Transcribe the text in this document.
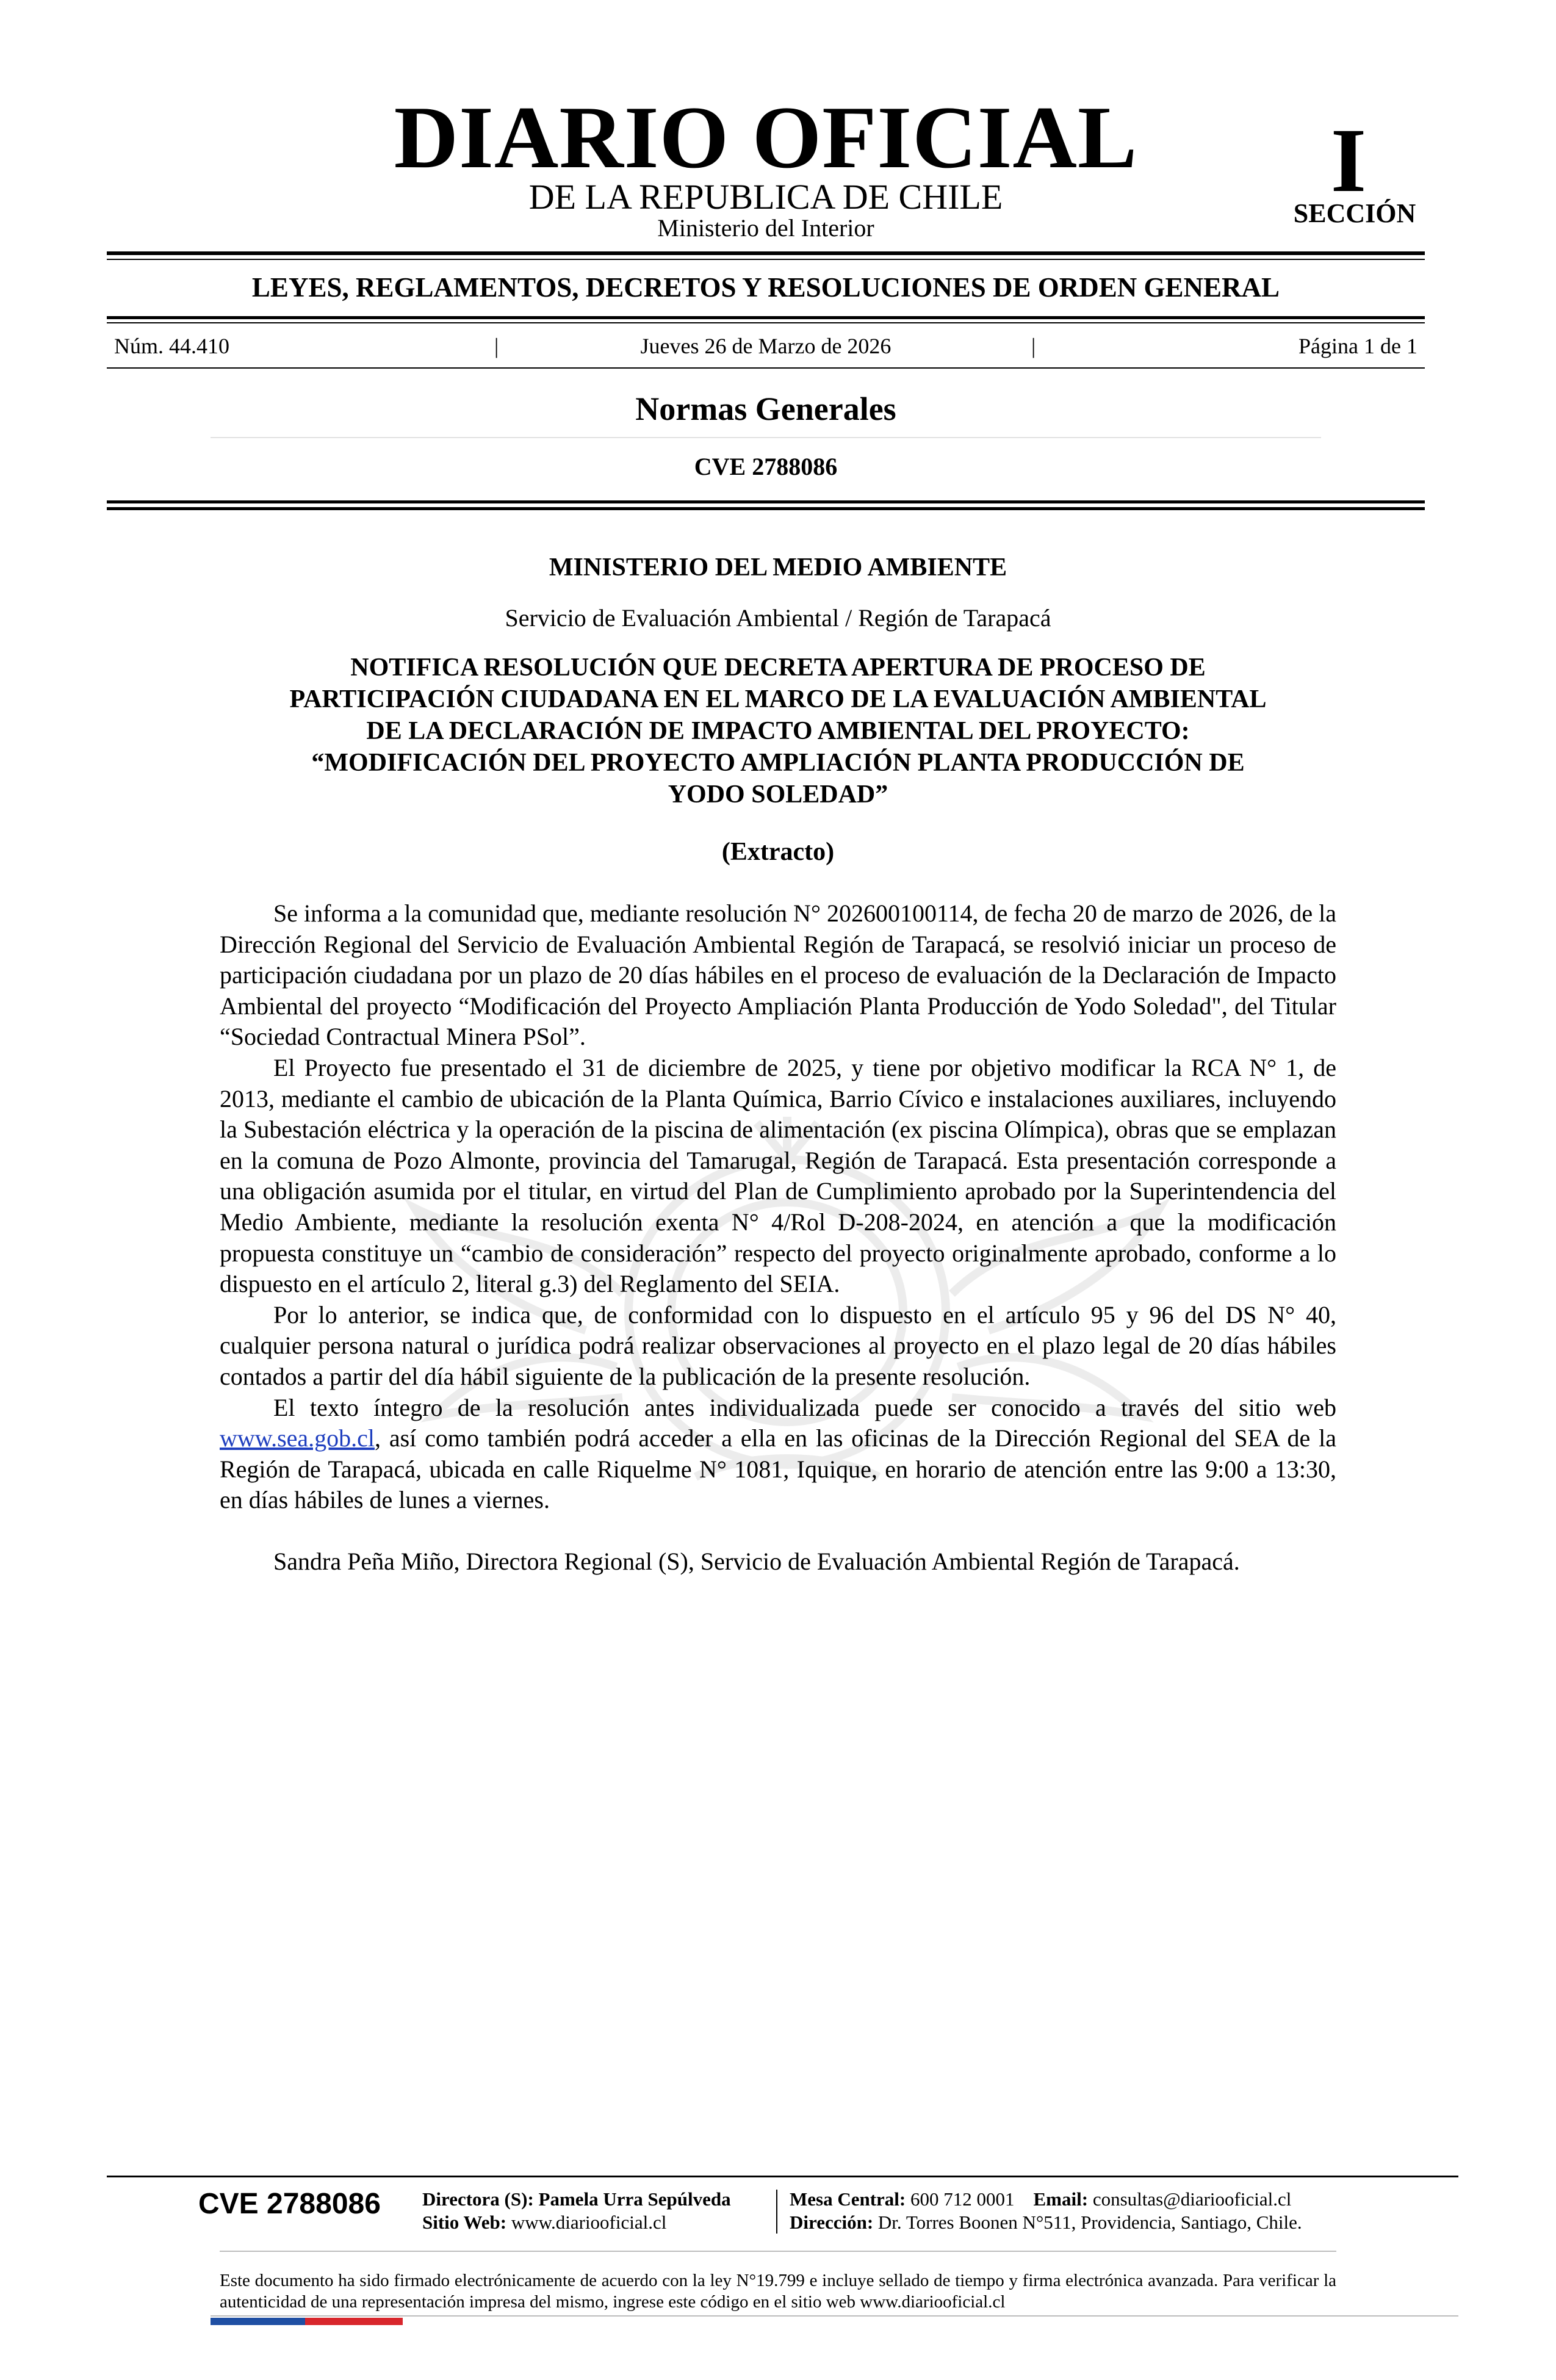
DIARIO OFICIAL
DE LA REPUBLICA DE CHILE
Ministerio del Interior
I
SECCIÓN
LEYES, REGLAMENTOS, DECRETOS Y RESOLUCIONES DE ORDEN GENERAL
Núm. 44.410	|	Jueves 26 de Marzo de 2026	|	Página 1 de 1
Normas Generales
CVE 2788086
MINISTERIO DEL MEDIO AMBIENTE
Servicio de Evaluación Ambiental / Región de Tarapacá
NOTIFICA RESOLUCIÓN QUE DECRETA APERTURA DE PROCESO DE
PARTICIPACIÓN CIUDADANA EN EL MARCO DE LA EVALUACIÓN AMBIENTAL
DE LA DECLARACIÓN DE IMPACTO AMBIENTAL DEL PROYECTO:
“MODIFICACIÓN DEL PROYECTO AMPLIACIÓN PLANTA PRODUCCIÓN DE
YODO SOLEDAD”
(Extracto)

Se informa a la comunidad que, mediante resolución N° 202600100114, de fecha 20 de marzo de 2026, de la Dirección Regional del Servicio de Evaluación Ambiental Región de Tarapacá, se resolvió iniciar un proceso de participación ciudadana por un plazo de 20 días hábiles en el proceso de evaluación de la Declaración de Impacto Ambiental del proyecto “Modificación del Proyecto Ampliación Planta Producción de Yodo Soledad", del Titular “Sociedad Contractual Minera PSol”.

El Proyecto fue presentado el 31 de diciembre de 2025, y tiene por objetivo modificar la RCA N° 1, de 2013, mediante el cambio de ubicación de la Planta Química, Barrio Cívico e instalaciones auxiliares, incluyendo la Subestación eléctrica y la operación de la piscina de alimentación (ex piscina Olímpica), obras que se emplazan en la comuna de Pozo Almonte, provincia del Tamarugal, Región de Tarapacá. Esta presentación corresponde a una obligación asumida por el titular, en virtud del Plan de Cumplimiento aprobado por la Superintendencia del Medio Ambiente, mediante la resolución exenta N° 4/Rol D-208-2024, en atención a que la modificación propuesta constituye un “cambio de consideración” respecto del proyecto originalmente aprobado, conforme a lo dispuesto en el artículo 2, literal g.3) del Reglamento del SEIA.

Por lo anterior, se indica que, de conformidad con lo dispuesto en el artículo 95 y 96 del DS N° 40, cualquier persona natural o jurídica podrá realizar observaciones al proyecto en el plazo legal de 20 días hábiles contados a partir del día hábil siguiente de la publicación de la presente resolución.

El texto íntegro de la resolución antes individualizada puede ser conocido a través del sitio web www.sea.gob.cl, así como también podrá acceder a ella en las oficinas de la Dirección Regional del SEA de la Región de Tarapacá, ubicada en calle Riquelme N° 1081, Iquique, en horario de atención entre las 9:00 a 13:30, en días hábiles de lunes a viernes.

Sandra Peña Miño, Directora Regional (S), Servicio de Evaluación Ambiental Región de Tarapacá.

CVE 2788086	Directora (S): Pamela Urra Sepúlveda
Sitio Web: www.diariooficial.cl
Mesa Central: 600 712 0001 Email: consultas@diariooficial.cl
Dirección: Dr. Torres Boonen N°511, Providencia, Santiago, Chile.
Este documento ha sido firmado electrónicamente de acuerdo con la ley N°19.799 e incluye sellado de tiempo y firma electrónica avanzada. Para verificar la autenticidad de una representación impresa del mismo, ingrese este código en el sitio web www.diariooficial.cl
